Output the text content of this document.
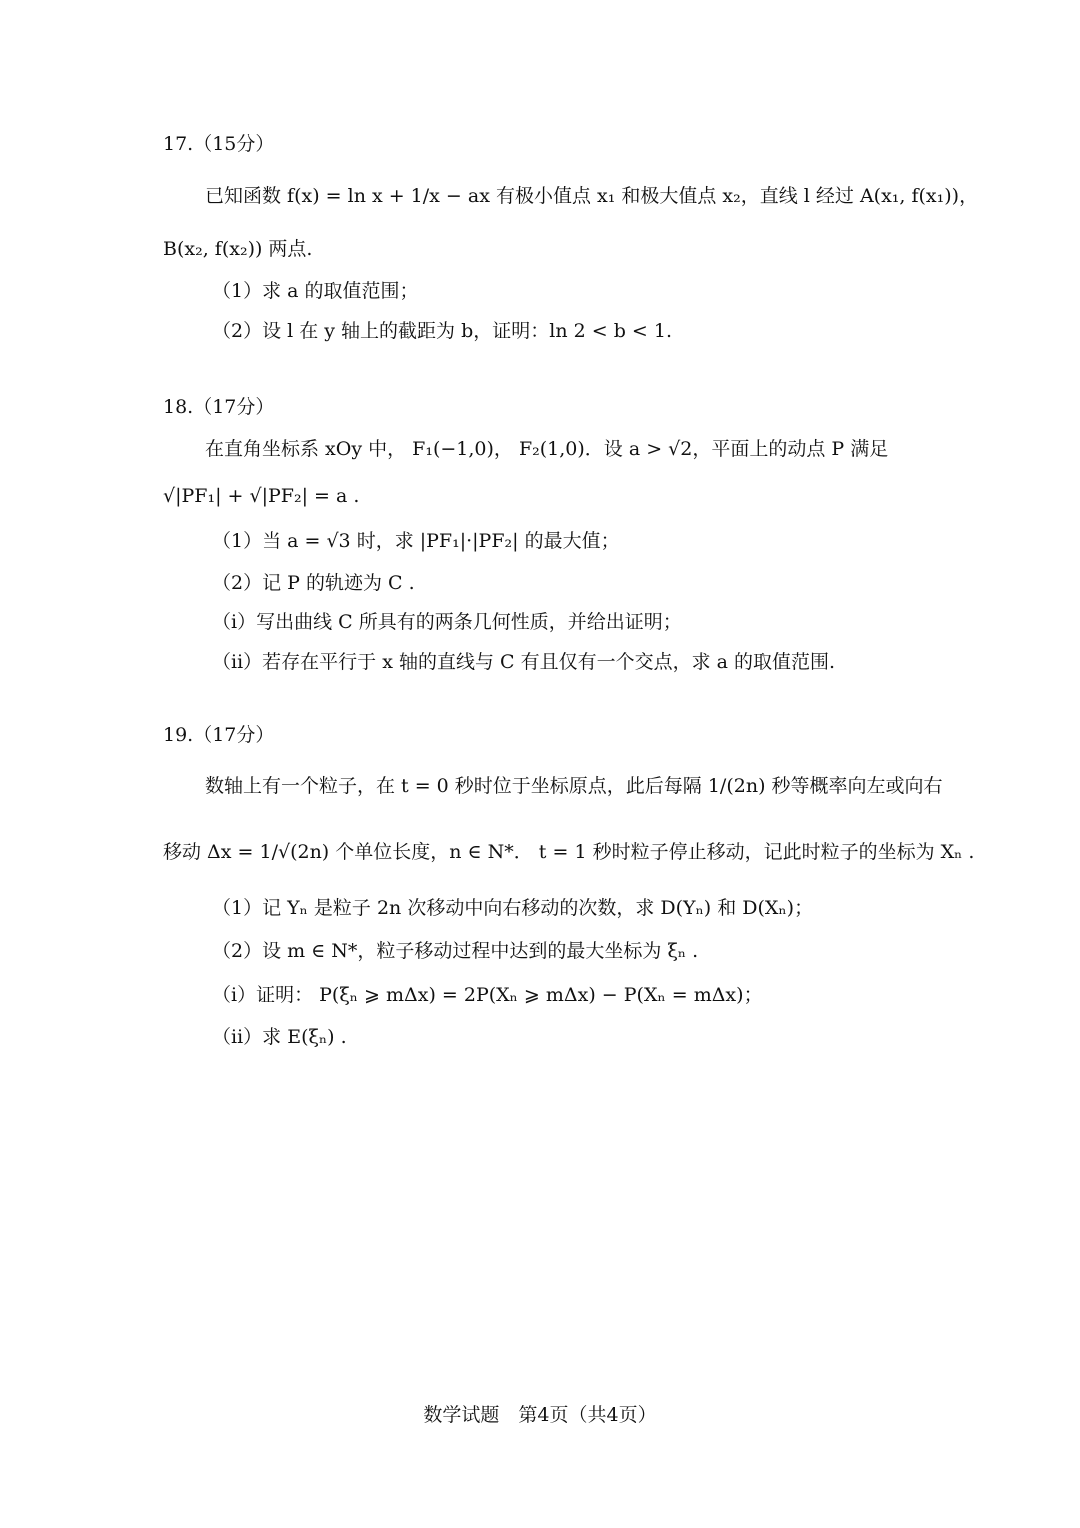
17.（15分）
已知函数 f(x) = ln x + 1/x − ax 有极小值点 x₁ 和极大值点 x₂，直线 l 经过 A(x₁, f(x₁))，
B(x₂, f(x₂)) 两点.
（1）求 a 的取值范围；
（2）设 l 在 y 轴上的截距为 b，证明：ln 2 < b < 1.
18.（17分）
在直角坐标系 xOy 中， F₁(−1,0)， F₂(1,0)．设 a > √2，平面上的动点 P 满足
√|PF₁| + √|PF₂| = a .
（1）当 a = √3 时，求 |PF₁|·|PF₂| 的最大值；
（2）记 P 的轨迹为 C .
（ⅰ）写出曲线 C 所具有的两条几何性质，并给出证明；
（ⅱ）若存在平行于 x 轴的直线与 C 有且仅有一个交点，求 a 的取值范围.
19.（17分）
数轴上有一个粒子，在 t = 0 秒时位于坐标原点，此后每隔 1/(2n) 秒等概率向左或向右
移动 Δx = 1/√(2n) 个单位长度，n ∈ N*． t = 1 秒时粒子停止移动，记此时粒子的坐标为 Xₙ .
（1）记 Yₙ 是粒子 2n 次移动中向右移动的次数，求 D(Yₙ) 和 D(Xₙ)；
（2）设 m ∈ N*，粒子移动过程中达到的最大坐标为 ξₙ .
（ⅰ）证明： P(ξₙ ⩾ mΔx) = 2P(Xₙ ⩾ mΔx) − P(Xₙ = mΔx)；
（ⅱ）求 E(ξₙ) .
数学试题　第4页（共4页）
